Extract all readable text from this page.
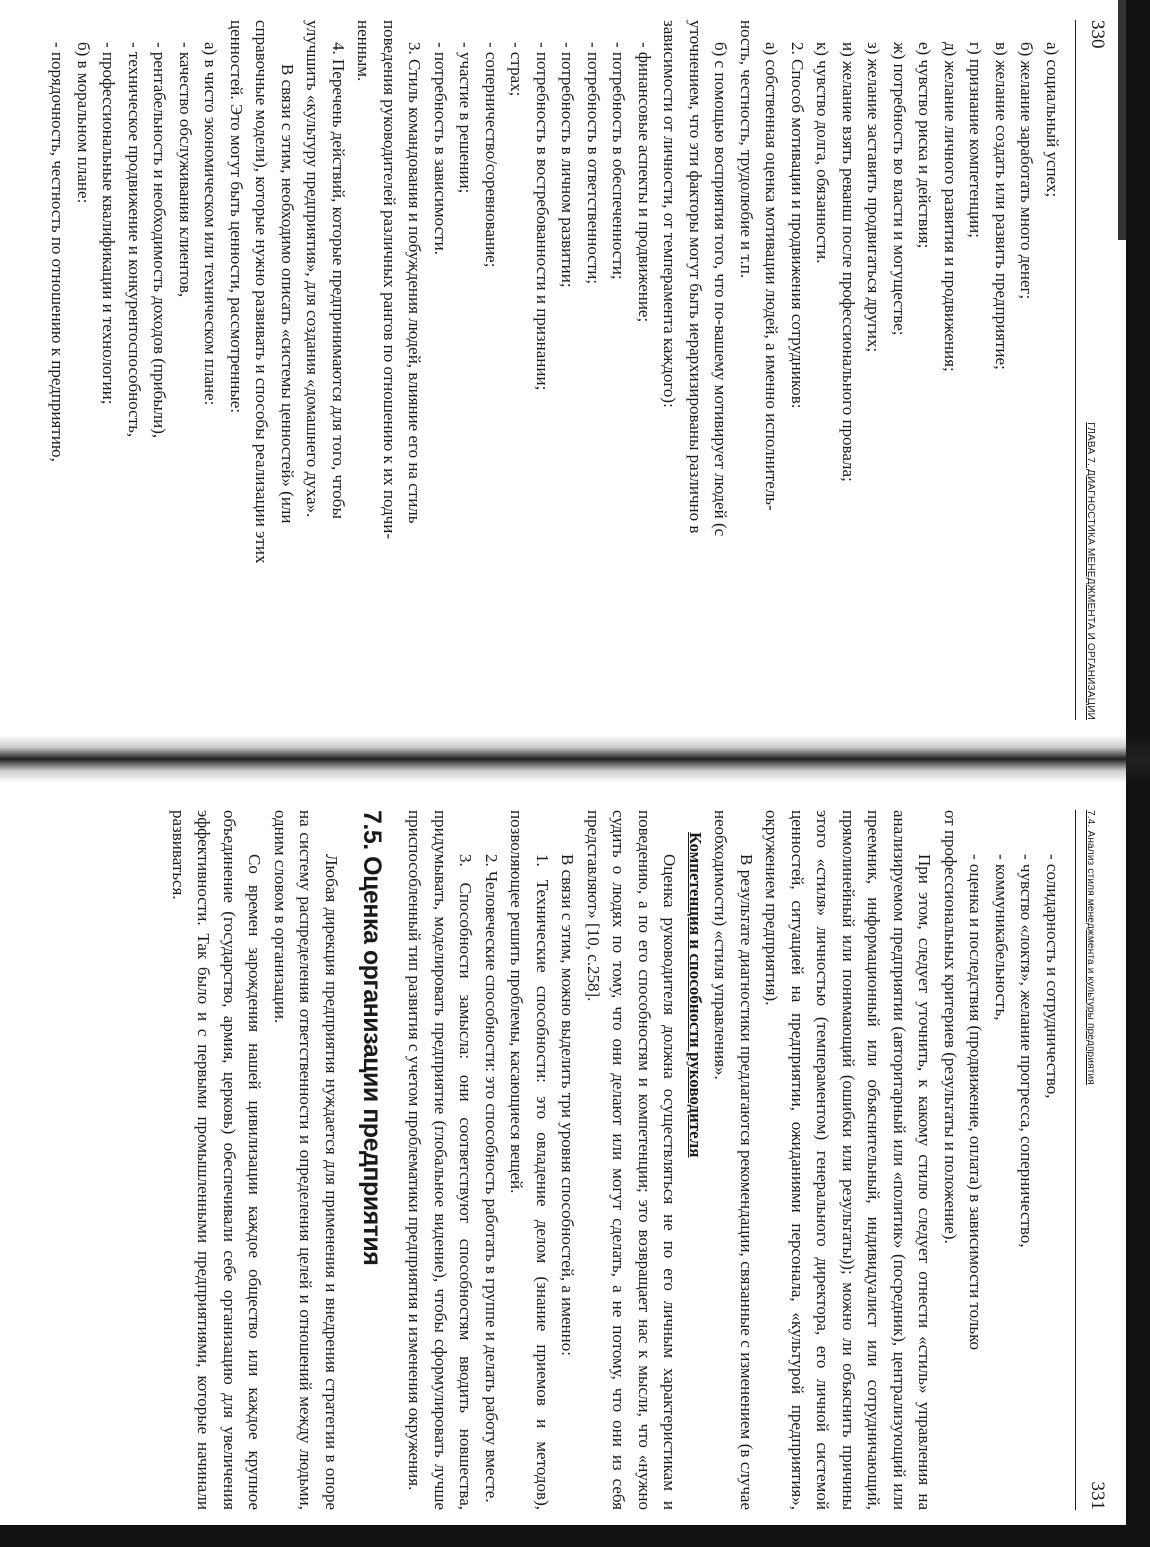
330
ГЛАВА 7. ДИАГНОСТИКА МЕНЕДЖМЕНТА И ОРГАНИЗАЦИИ
а) социальный успех;
б) желание заработать много денег;
в) желание создать или развить предприятие;
г) признание компетенции;
д) желание личного развития и продвижения;
е) чувство риска и действия;
ж) потребность во власти и могуществе;
з) желание заставить продвигаться других;
и) желание взять реванш после профессионального провала;
к) чувство долга, обязанности.
2. Способ мотивации и продвижения сотрудников:
а) собственная оценка мотивации людей, а именно исполнитель-
ность, честность, трудолюбие и т.п.
б) с помощью восприятия того, что по-вашему мотивирует людей (с
уточнением, что эти факторы могут быть иерархизированы различно в
зависимости от личности, от темперамента каждого):
- финансовые аспекты и продвижение;
- потребность в обеспеченности;
- потребность в ответственности;
- потребность в личном развитии;
- потребность в востребованности и признании;
- страх;
- соперничество/соревнование;
- участие в решении;
- потребность в зависимости.
3. Стиль командования и побуждения людей, влияние его на стиль
поведения руководителей различных рангов по отношению к их подчи-
ненным.
4. Перечень действий, которые предпринимаются для того, чтобы
улучшить «культуру предприятия», для создания «домашнего духа».
В связи с этим, необходимо описать «системы ценностей» (или
справочные модели), которые нужно развивать и способы реализации этих
ценностей. Это могут быть ценности, рассмотренные:
а) в чисто экономическом или техническом плане:
- качество обслуживания клиентов,
- рентабельность и необходимость доходов (прибыли),
- техническое продвижение и конкурентоспособность,
- профессиональные квалификации и технологии;
б) в моральном плане:
- порядочность, честность по отношению к предприятию,
7.4. Анализ стиля менеджмента и культуры предприятия
331
- солидарность и сотрудничество,
- чувство «локтя», желание прогресса, соперничество,
- коммуникабельность,
- оценка и последствия (продвижение, оплата) в зависимости только
от профессиональных критериев (результаты и положение).
При этом, следует уточнить, к какому стилю следует отнести «стиль» управления на анализируемом предприятии (авторитарный или «политик» (посредник), централизующий или преемник, информационный или объяснительный, индивидуалист или сотрудничающий, прямолинейный или понимающий (ошибки или результаты)); можно ли объяснить причины этого «стиля» личностью (темпераментом) генерального директора, его личной системой ценностей, ситуацией на предприятии, ожиданиями персонала, «культурой предприятия», окружением предприятия).
В результате диагностики предлагаются рекомендации, связанные с изменением (в случае необходимости) «стиля управления».
Компетенция и способности руководителя
Оценка руководителя должна осуществляться не по его личным характеристикам и поведению, а по его способностям и компетенции; это возвращает нас к мысли, что «нужно судить о людях по тому, что они делают или могут сделать, а не потому, что они из себя представляют» [10, с.258].
В связи с этим, можно выделить три уровня способностей, а именно:
1. Технические способности: это овладение делом (знание приемов и методов), позволяющее решить проблемы, касающиеся вещей.
2. Человеческие способности: это способность работать в группе и делать работу вместе.
3. Способности замысла: они соответствуют способностям вводить новшества, придумывать, моделировать предприятие (глобальное видение), чтобы сформулировать лучше приспособленный тип развития с учетом проблематики предприятия и изменения окружения.
7.5. Оценка организации предприятия
Любая дирекция предприятия нуждается для применения и внедрения стратегии в опоре на систему распределения ответственности и определения целей и отношений между людьми, одним словом в организации.
Со времен зарождения нашей цивилизации каждое общество или каждое крупное объединение (государство, армия, церковь) обеспечивали себе организацию для увеличения эффективности. Так было и с первыми промышленными предприятиями, которые начинали развиваться.
